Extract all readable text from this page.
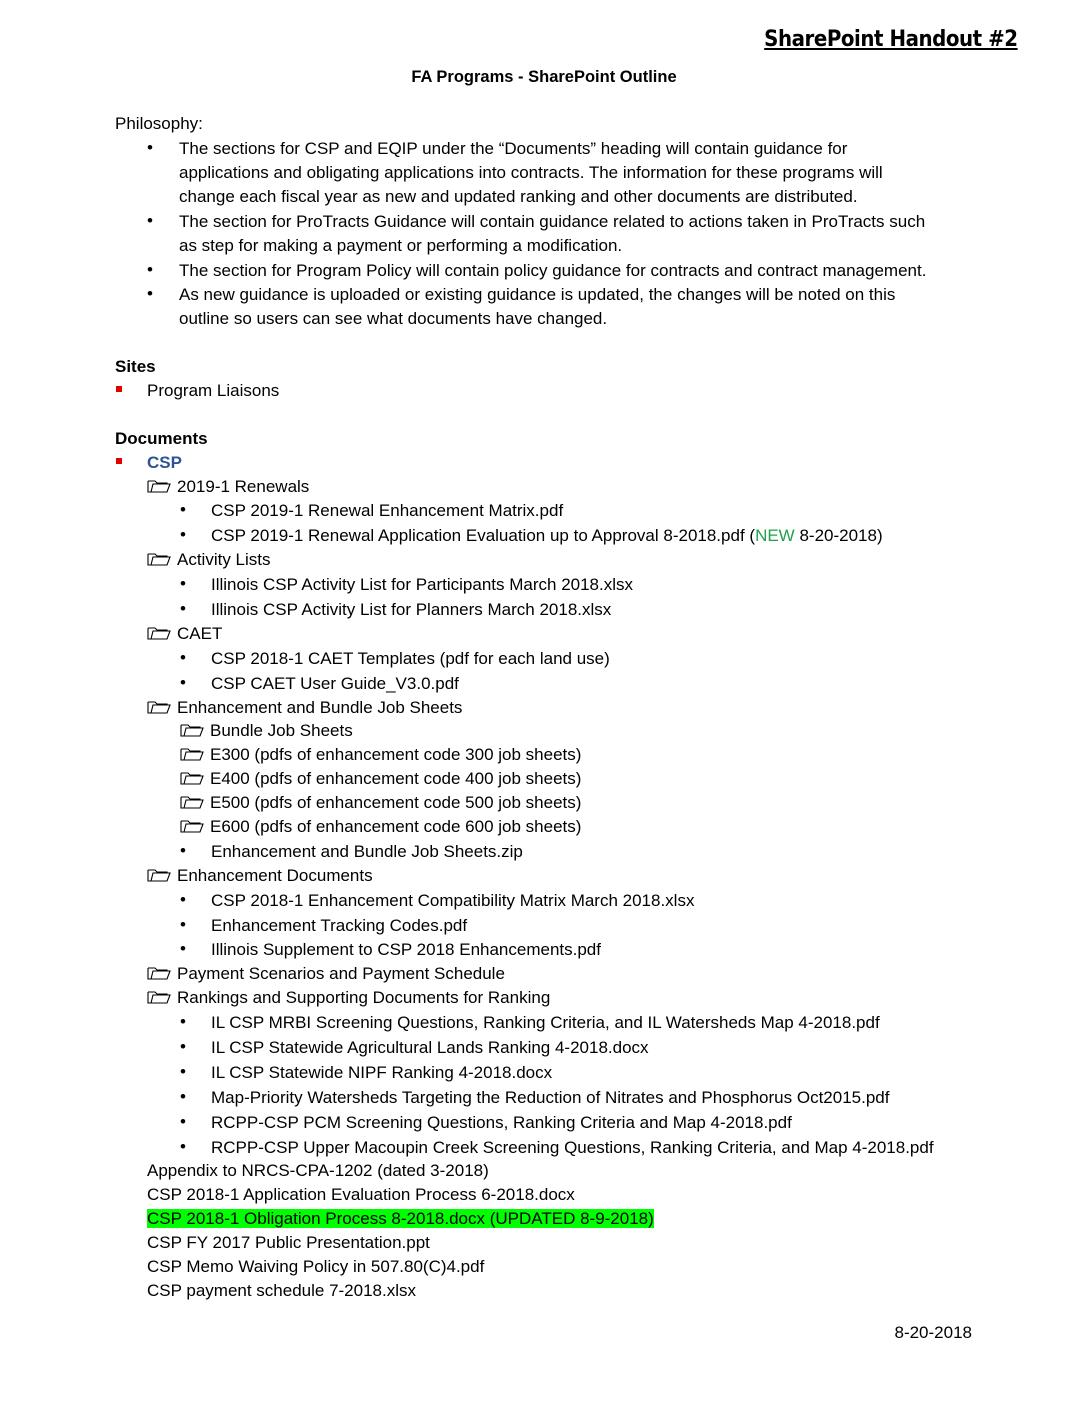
SharePoint Handout #2
FA Programs - SharePoint Outline
Philosophy:
• The sections for CSP and EQIP under the “Documents” heading will contain guidance for
applications and obligating applications into contracts. The information for these programs will
change each fiscal year as new and updated ranking and other documents are distributed.
• The section for ProTracts Guidance will contain guidance related to actions taken in ProTracts such
as step for making a payment or performing a modification.
• The section for Program Policy will contain policy guidance for contracts and contract management.
• As new guidance is uploaded or existing guidance is updated, the changes will be noted on this
outline so users can see what documents have changed.
Sites
Program Liaisons
Documents
CSP
2019-1 Renewals
• CSP 2019-1 Renewal Enhancement Matrix.pdf
• CSP 2019-1 Renewal Application Evaluation up to Approval 8-2018.pdf (NEW 8-20-2018)
Activity Lists
• Illinois CSP Activity List for Participants March 2018.xlsx
• Illinois CSP Activity List for Planners March 2018.xlsx
CAET
• CSP 2018-1 CAET Templates (pdf for each land use)
• CSP CAET User Guide_V3.0.pdf
Enhancement and Bundle Job Sheets
Bundle Job Sheets
E300 (pdfs of enhancement code 300 job sheets)
E400 (pdfs of enhancement code 400 job sheets)
E500 (pdfs of enhancement code 500 job sheets)
E600 (pdfs of enhancement code 600 job sheets)
• Enhancement and Bundle Job Sheets.zip
Enhancement Documents
• CSP 2018-1 Enhancement Compatibility Matrix March 2018.xlsx
• Enhancement Tracking Codes.pdf
• Illinois Supplement to CSP 2018 Enhancements.pdf
Payment Scenarios and Payment Schedule
Rankings and Supporting Documents for Ranking
• IL CSP MRBI Screening Questions, Ranking Criteria, and IL Watersheds Map 4-2018.pdf
• IL CSP Statewide Agricultural Lands Ranking 4-2018.docx
• IL CSP Statewide NIPF Ranking 4-2018.docx
• Map-Priority Watersheds Targeting the Reduction of Nitrates and Phosphorus Oct2015.pdf
• RCPP-CSP PCM Screening Questions, Ranking Criteria and Map 4-2018.pdf
• RCPP-CSP Upper Macoupin Creek Screening Questions, Ranking Criteria, and Map 4-2018.pdf
Appendix to NRCS-CPA-1202 (dated 3-2018)
CSP 2018-1 Application Evaluation Process 6-2018.docx
CSP 2018-1 Obligation Process 8-2018.docx (UPDATED 8-9-2018)
CSP FY 2017 Public Presentation.ppt
CSP Memo Waiving Policy in 507.80(C)4.pdf
CSP payment schedule 7-2018.xlsx
8-20-2018
